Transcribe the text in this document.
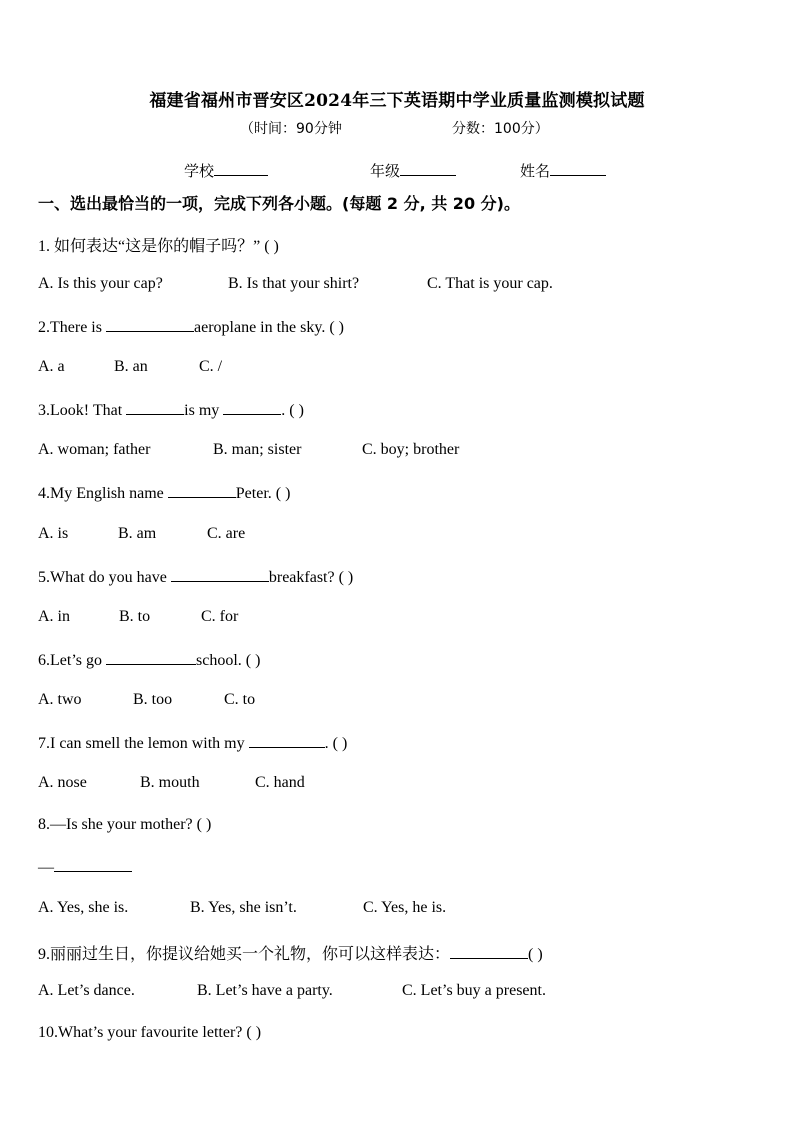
福建省福州市晋安区2024年三下英语期中学业质量监测模拟试题
（时间：90分钟	分数：100分）
学校	年级	姓名
一、选出最恰当的一项，完成下列各小题。(每题 2 分, 共 20 分)。
1. 如何表达“这是你的帽子吗？” ( )
A. Is this your cap?	B. Is that your shirt?	C. That is your cap.
2.There is	aeroplane in the sky. ( )
A. a	B. an	C. /
3.Look! That	is my	. ( )
A. woman; father	B. man; sister	C. boy; brother
4.My English name	Peter. ( )
A. is	B. am	C. are
5.What do you have	breakfast? ( )
A. in	B. to	C. for
6.Let’s go	school. ( )
A. two	B. too	C. to
7.I can smell the lemon with my	. ( )
A. nose	B. mouth	C. hand
8.—Is she your mother? ( )
—
A. Yes, she is.	B. Yes, she isn’t.	C. Yes, he is.
9.丽丽过生日，你提议给她买一个礼物，你可以这样表达：	( )
A. Let’s dance.	B. Let’s have a party.	C. Let’s buy a present.
10.What’s your favourite letter? ( )
